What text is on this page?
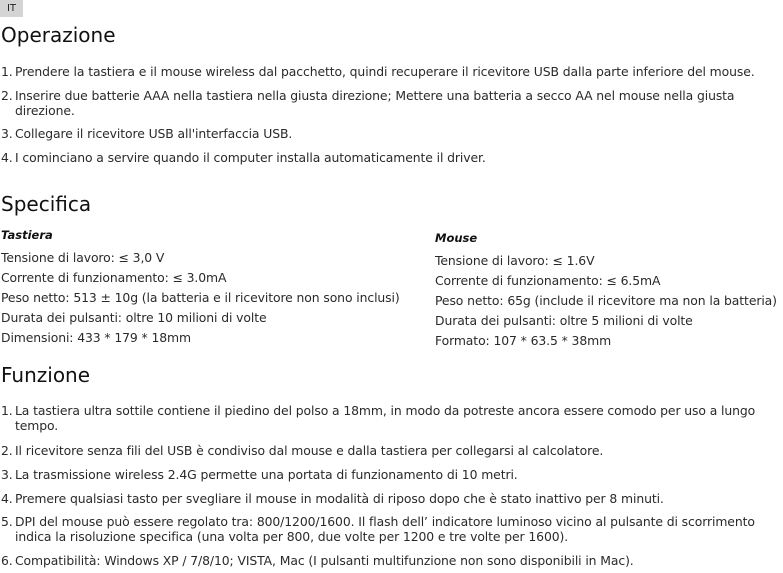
IT
Operazione
1. Prendere la tastiera e il mouse wireless dal pacchetto, quindi recuperare il ricevitore USB dalla parte inferiore del mouse.
2. Inserire due batterie AAA nella tastiera nella giusta direzione; Mettere una batteria a secco AA nel mouse nella giusta direzione.
3. Collegare il ricevitore USB all'interfaccia USB.
4. I cominciano a servire quando il computer installa automaticamente il driver.
Specifica
Tastiera
Tensione di lavoro: ≤ 3,0 V
Corrente di funzionamento: ≤ 3.0mA
Peso netto: 513 ± 10g (la batteria e il ricevitore non sono inclusi)
Durata dei pulsanti: oltre 10 milioni di volte
Dimensioni: 433 * 179 * 18mm
Mouse
Tensione di lavoro: ≤ 1.6V
Corrente di funzionamento: ≤ 6.5mA
Peso netto: 65g (include il ricevitore ma non la batteria)
Durata dei pulsanti: oltre 5 milioni di volte
Formato: 107 * 63.5 * 38mm
Funzione
1. La tastiera ultra sottile contiene il piedino del polso a 18mm, in modo da potreste ancora essere comodo per uso a lungo tempo.
2. Il ricevitore senza fili del USB è condiviso dal mouse e dalla tastiera per collegarsi al calcolatore.
3. La trasmissione wireless 2.4G permette una portata di funzionamento di 10 metri.
4. Premere qualsiasi tasto per svegliare il mouse in modalità di riposo dopo che è stato inattivo per 8 minuti.
5. DPI del mouse può essere regolato tra: 800/1200/1600. Il flash dell’ indicatore luminoso vicino al pulsante di scorrimento indica la risoluzione specifica (una volta per 800, due volte per 1200 e tre volte per 1600).
6. Compatibilità: Windows XP / 7/8/10; VISTA, Mac (I pulsanti multifunzione non sono disponibili in Mac).
